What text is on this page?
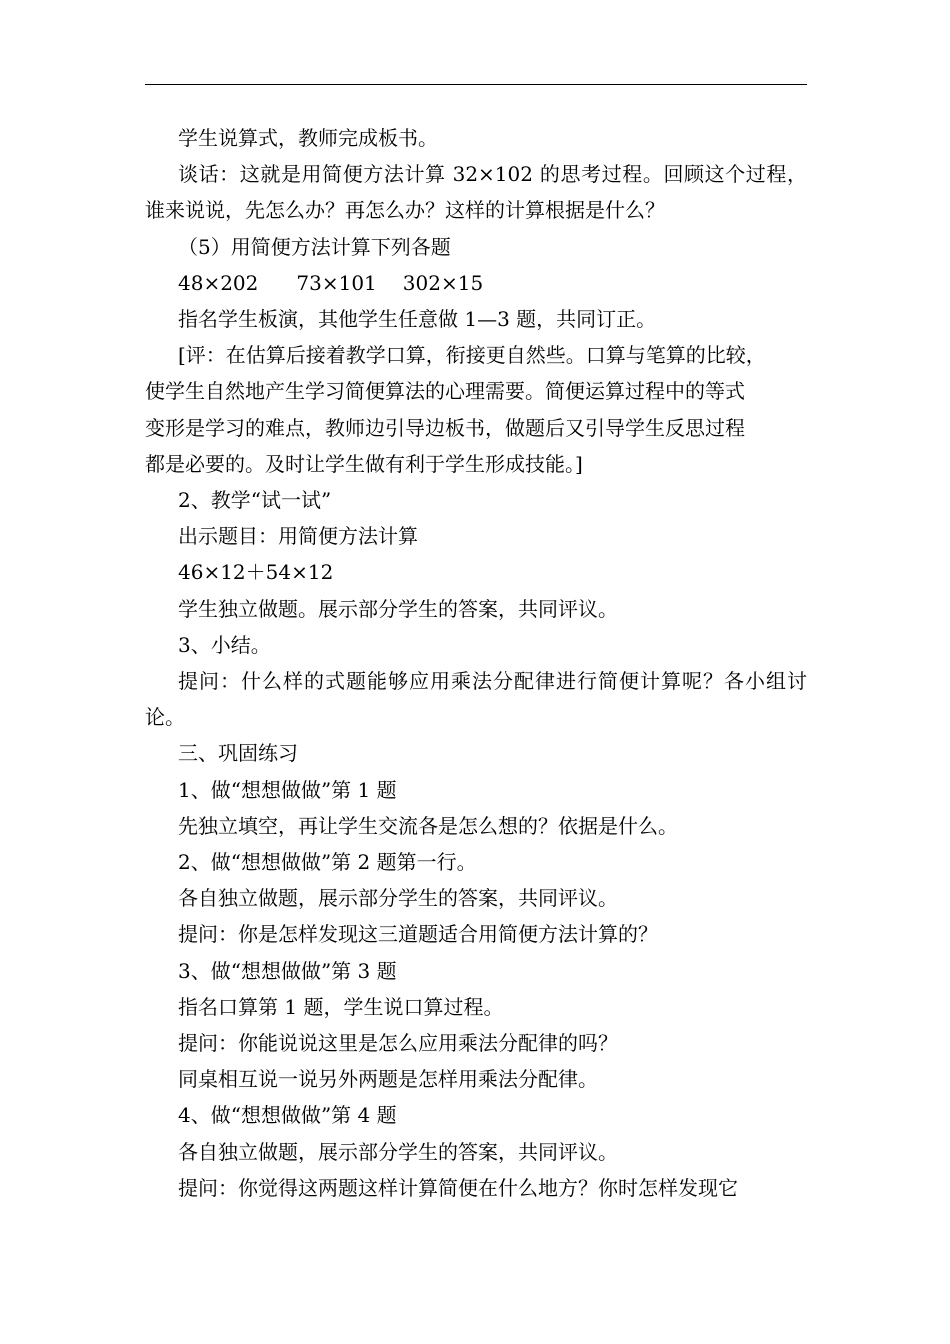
学生说算式，教师完成板书。

谈话：这就是用简便方法计算 32×102 的思考过程。回顾这个过程，谁来说说，先怎么办？再怎么办？这样的计算根据是什么？

（5）用简便方法计算下列各题

48×202 73×101 302×15

指名学生板演，其他学生任意做 1—3 题，共同订正。

[评：在估算后接着教学口算，衔接更自然些。口算与笔算的比较，
使学生自然地产生学习简便算法的心理需要。简便运算过程中的等式
变形是学习的难点，教师边引导边板书，做题后又引导学生反思过程
都是必要的。及时让学生做有利于学生形成技能。]

2、教学“试一试”

出示题目：用简便方法计算

46×12＋54×12

学生独立做题。展示部分学生的答案，共同评议。

3、小结。

提问：什么样的式题能够应用乘法分配律进行简便计算呢？各小组讨论。

三、巩固练习

1、做“想想做做”第 1 题

先独立填空，再让学生交流各是怎么想的？依据是什么。

2、做“想想做做”第 2 题第一行。

各自独立做题，展示部分学生的答案，共同评议。

提问：你是怎样发现这三道题适合用简便方法计算的？

3、做“想想做做”第 3 题

指名口算第 1 题，学生说口算过程。

提问：你能说说这里是怎么应用乘法分配律的吗？

同桌相互说一说另外两题是怎样用乘法分配律。

4、做“想想做做”第 4 题

各自独立做题，展示部分学生的答案，共同评议。

提问：你觉得这两题这样计算简便在什么地方？你时怎样发现它
